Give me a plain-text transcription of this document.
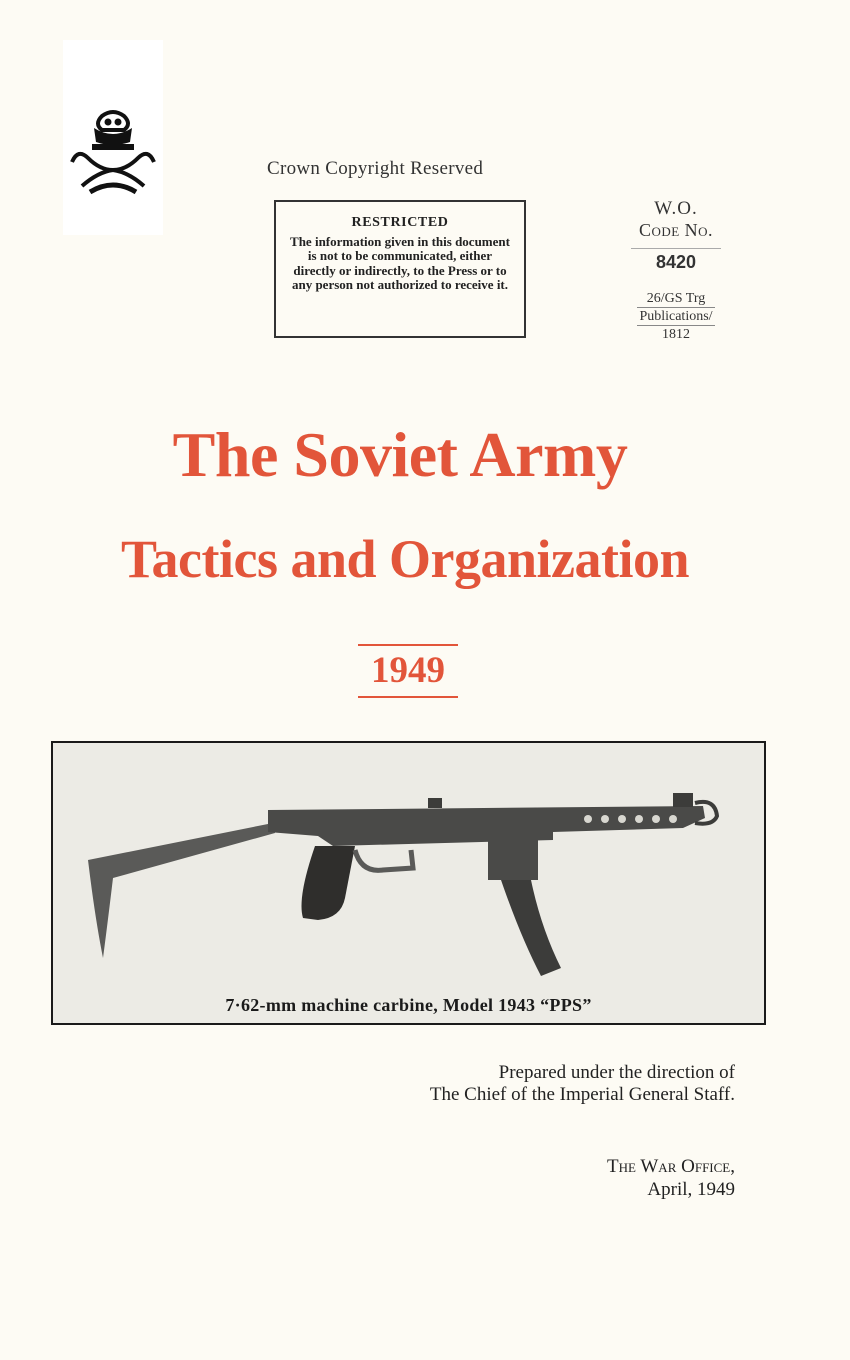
Crown Copyright Reserved
RESTRICTED
The information given in this document is not to be communicated, either directly or indirectly, to the Press or to any person not authorized to receive it.
W.O.
Code No.
8420
26/GS Trg
Publications/
1812
The Soviet Army
Tactics and Organization
1949
7·62-mm machine carbine, Model 1943 “PPS”
Prepared under the direction of
The Chief of the Imperial General Staff.
The War Office,
April, 1949
